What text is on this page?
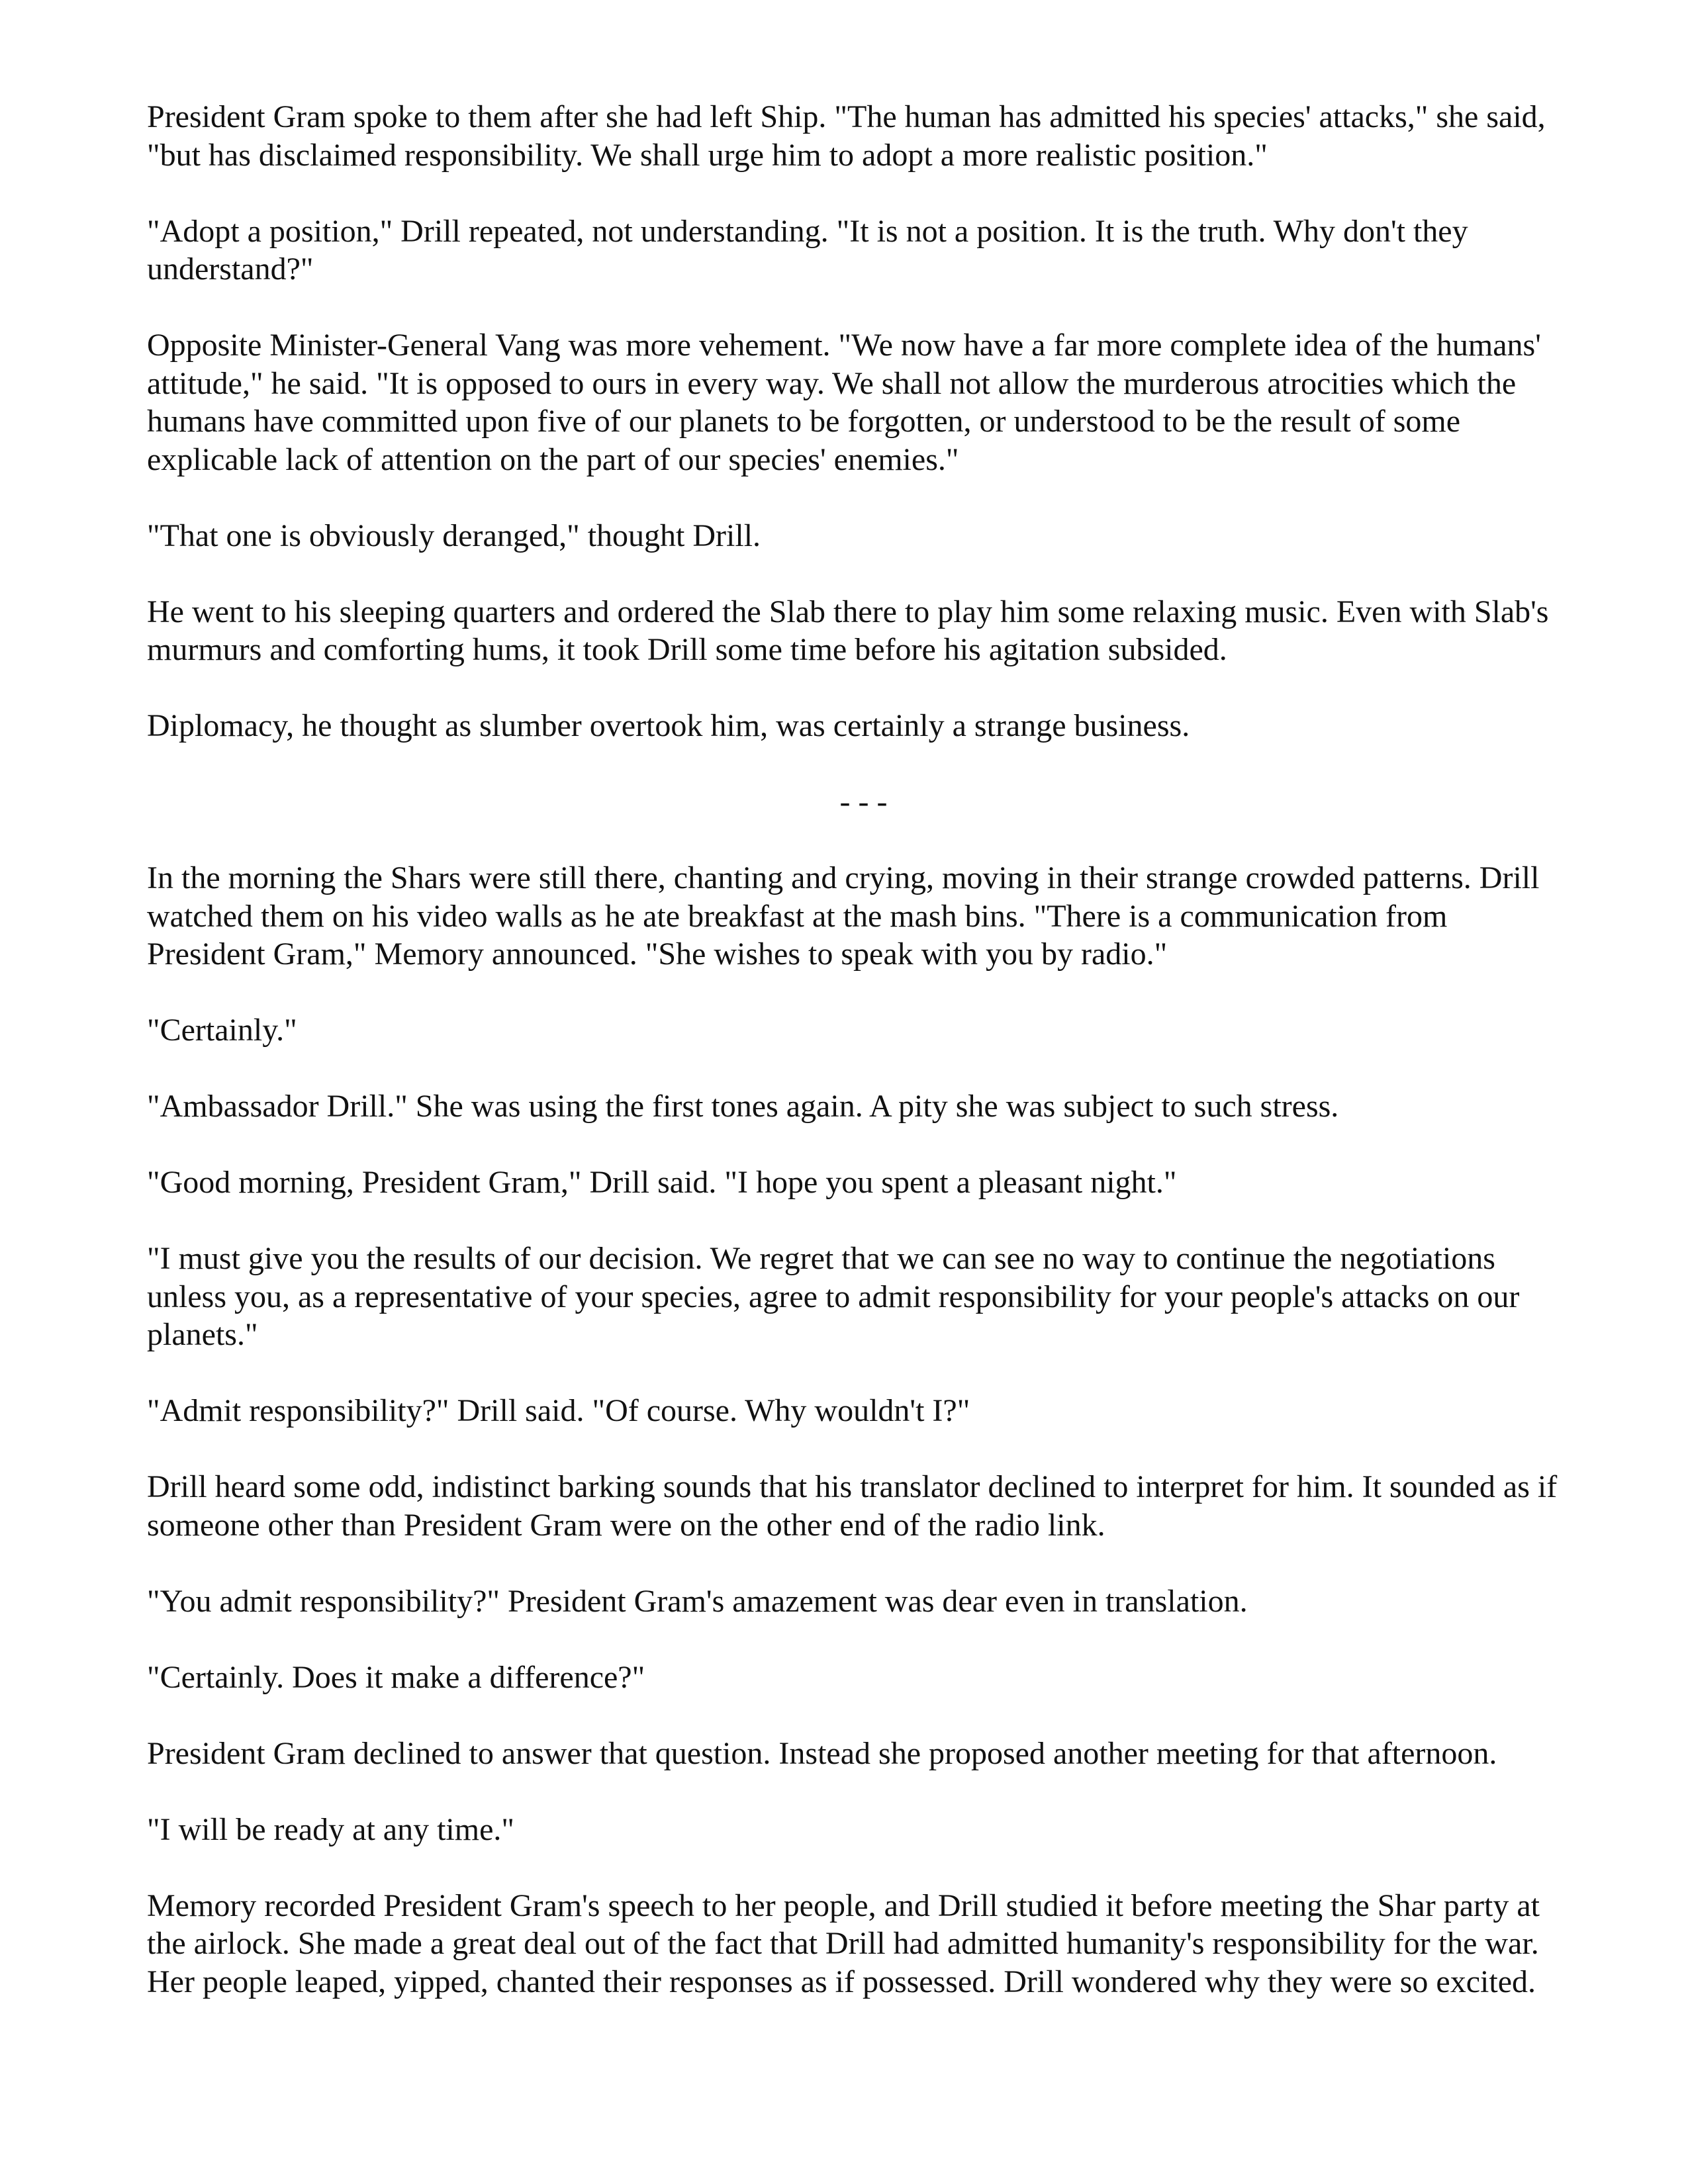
President Gram spoke to them after she had left Ship. "The human has admitted his species' attacks," she said, "but has disclaimed responsibility. We shall urge him to adopt a more realistic position."

"Adopt a position," Drill repeated, not understanding. "It is not a position. It is the truth. Why don't they understand?"

Opposite Minister-General Vang was more vehement. "We now have a far more complete idea of the humans' attitude," he said. "It is opposed to ours in every way. We shall not allow the murderous atrocities which the humans have committed upon five of our planets to be forgotten, or understood to be the result of some explicable lack of attention on the part of our species' enemies."

"That one is obviously deranged," thought Drill.

He went to his sleeping quarters and ordered the Slab there to play him some relaxing music. Even with Slab's murmurs and comforting hums, it took Drill some time before his agitation subsided.

Diplomacy, he thought as slumber overtook him, was certainly a strange business.

- - -

In the morning the Shars were still there, chanting and crying, moving in their strange crowded patterns. Drill watched them on his video walls as he ate breakfast at the mash bins. "There is a communication from President Gram," Memory announced. "She wishes to speak with you by radio."

"Certainly."

"Ambassador Drill." She was using the first tones again. A pity she was subject to such stress.

"Good morning, President Gram," Drill said. "I hope you spent a pleasant night."

"I must give you the results of our decision. We regret that we can see no way to continue the negotiations unless you, as a representative of your species, agree to admit responsibility for your people's attacks on our planets."

"Admit responsibility?" Drill said. "Of course. Why wouldn't I?"

Drill heard some odd, indistinct barking sounds that his translator declined to interpret for him. It sounded as if someone other than President Gram were on the other end of the radio link.

"You admit responsibility?" President Gram's amazement was dear even in translation.

"Certainly. Does it make a difference?"

President Gram declined to answer that question. Instead she proposed another meeting for that afternoon.

"I will be ready at any time."

Memory recorded President Gram's speech to her people, and Drill studied it before meeting the Shar party at the airlock. She made a great deal out of the fact that Drill had admitted humanity's responsibility for the war. Her people leaped, yipped, chanted their responses as if possessed. Drill wondered why they were so excited.
